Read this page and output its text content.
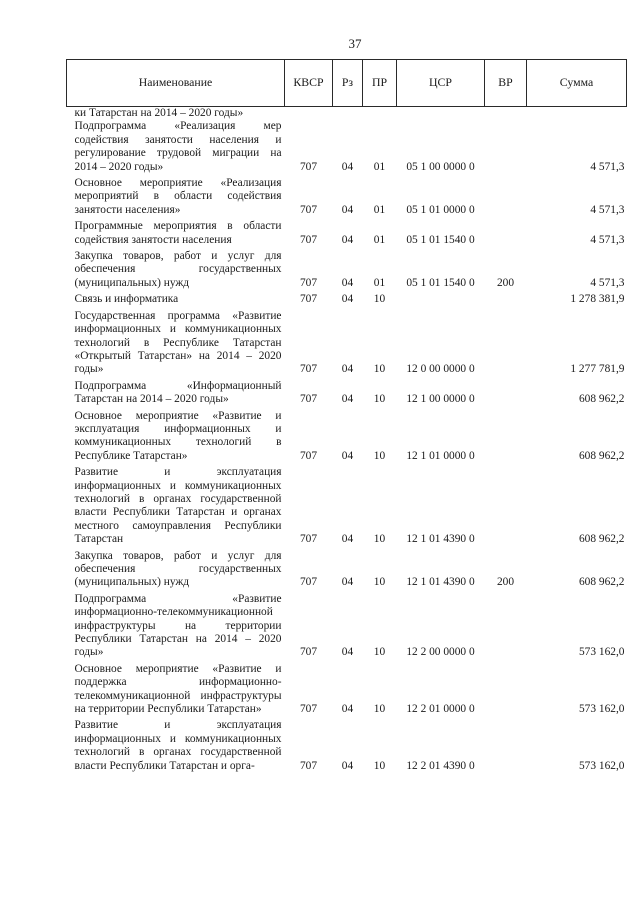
37
Наименование	КВСР	Рз	ПР	ЦСР	ВР	Сумма
ки Татарстан на 2014 – 2020 годы»						
Подпрограмма «Реализация мер содействия занятости населения и регулирование трудовой миграции на 2014 – 2020 годы»	707	04	01	05 1 00 0000 0		4 571,3
Основное мероприятие «Реализация мероприятий в области содействия занятости населения»	707	04	01	05 1 01 0000 0		4 571,3
Программные мероприятия в области содействия занятости населения	707	04	01	05 1 01 1540 0		4 571,3
Закупка товаров, работ и услуг для обеспечения государственных (муниципальных) нужд	707	04	01	05 1 01 1540 0	200	4 571,3
Связь и информатика	707	04	10			1 278 381,9
Государственная программа «Развитие информационных и коммуникационных технологий в Республике Татарстан «Открытый Татарстан» на 2014 – 2020 годы»	707	04	10	12 0 00 0000 0		1 277 781,9
Подпрограмма «Информационный Татарстан на 2014 – 2020 годы»	707	04	10	12 1 00 0000 0		608 962,2
Основное мероприятие «Развитие и эксплуатация информационных и коммуникационных технологий в Республике Татарстан»	707	04	10	12 1 01 0000 0		608 962,2
Развитие и эксплуатация информационных и коммуникационных технологий в органах государственной власти Республики Татарстан и органах местного самоуправления Республики Татарстан	707	04	10	12 1 01 4390 0		608 962,2
Закупка товаров, работ и услуг для обеспечения государственных (муниципальных) нужд	707	04	10	12 1 01 4390 0	200	608 962,2
Подпрограмма «Развитие информационно-телекоммуникационной инфраструктуры на территории Республики Татарстан на 2014 – 2020 годы»	707	04	10	12 2 00 0000 0		573 162,0
Основное мероприятие «Развитие и поддержка информационно-телекоммуникационной инфраструктуры на территории Республики Татарстан»	707	04	10	12 2 01 0000 0		573 162,0
Развитие и эксплуатация информационных и коммуникационных технологий в органах государственной власти Республики Татарстан и орга-	707	04	10	12 2 01 4390 0		573 162,0
